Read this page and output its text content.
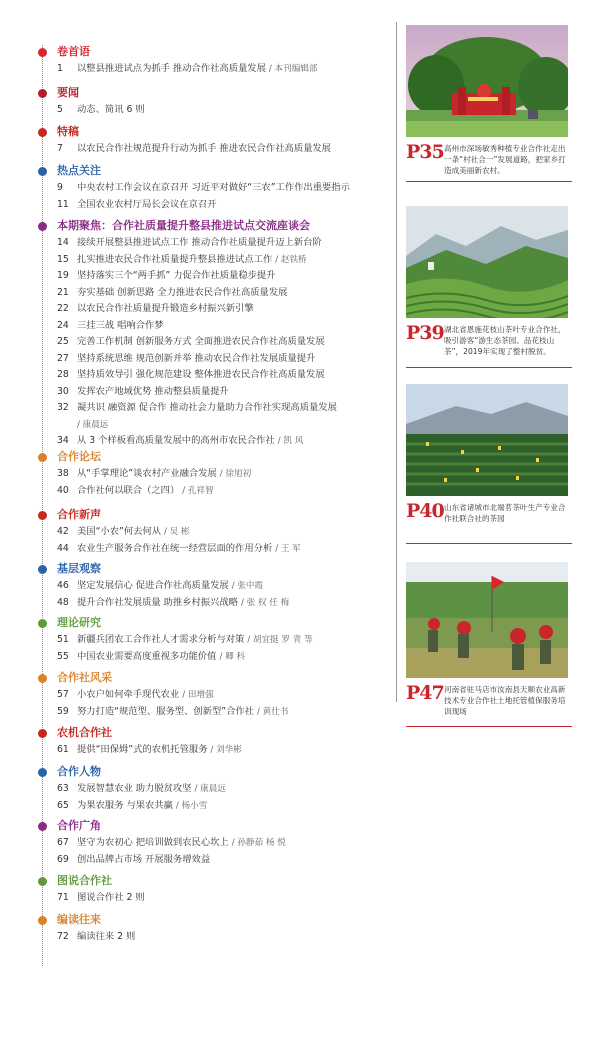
卷首语
1	以整县推进试点为抓手 推动合作社高质量发展 / 本刊编辑部
要闻
5	动态、简讯 6 则
特稿
7	以农民合作社规范提升行动为抓手 推进农民合作社高质量发展
热点关注
9	中央农村工作会议在京召开 习近平对做好“三农”工作作出重要指示
11 全国农业农村厅局长会议在京召开
本期聚焦：合作社质量提升整县推进试点交流座谈会
14 接续开展整县推进试点工作 推动合作社质量提升迈上新台阶
15 扎实推进农民合作社质量提升整县推进试点工作 / 赵铁桥
19 坚持落实三个“两手抓” 力促合作社质量稳步提升
21 夯实基础 创新思路 全力推进农民合作社高质量发展
22 以农民合作社质量提升锻造乡村振兴新引擎
24 三挂三战 唱响合作梦
25 完善工作机制 创新服务方式 全面推进农民合作社高质量发展
27 坚持系统思维 规范创新并举 推动农民合作社发展质量提升
28 坚持质效导引 强化规范建设 整体推进农民合作社高质量发展
30 发挥农产地域优势 推动整县质量提升
32 凝共识 融资源 促合作 推动社会力量助力合作社实现高质量发展
/ 康晨远
34 从 3 个样板看高质量发展中的高州市农民合作社 / 凯 风
合作论坛
38 从“手掌理论”谈农村产业融合发展 / 徐旭初
40 合作社何以联合（之四） / 孔祥智
合作新声
42 美国“小农”何去何从 / 吴 彬
44 农业生产服务合作社在统一经营层面的作用分析 / 王 军
基层观察
46 坚定发展信心 促进合作社高质量发展 / 张中霞
48 提升合作社发展质量 助推乡村振兴战略 / 张 权 任 梅
理论研究
51 新疆兵团农工合作社人才需求分析与对策 / 胡宜挺 罗 青 等
55 中国农业需要高度重视多功能价值 / 卿 科
合作社风采
57 小农户如何牵手现代农业 / 田增强
59 努力打造“规范型、服务型、创新型”合作社 / 黄仕书
农机合作社
61 提供“田保姆”式的农机托管服务 / 刘华彬
合作人物
63 发展智慧农业 助力脱贫攻坚 / 康晨远
65 为果农服务 与果农共赢 / 杨小雪
合作广角
67 坚守为农初心 把培训做到农民心坎上 / 孙静茹 杨 悦
69 创出品牌占市场 开展服务增效益
图说合作社
71 图说合作社 2 则
编读往来
72 编读往来 2 则
P35 高州市深场敏秀种植专业合作社走出一条“村社合一”发展道路，把家乡打造成美丽新农村。
P39 湖北省恩施花枝山茶叶专业合作社，吸引游客“游生态茶园、品花枝山茶”，2019年实现了整村脱贫。
P40 山东省诸城市北端茗茶叶生产专业合作社联合社的茶园
P47 河南省驻马店市汝南县天顺农业高新技术专业合作社土地托管植保服务培训现场
